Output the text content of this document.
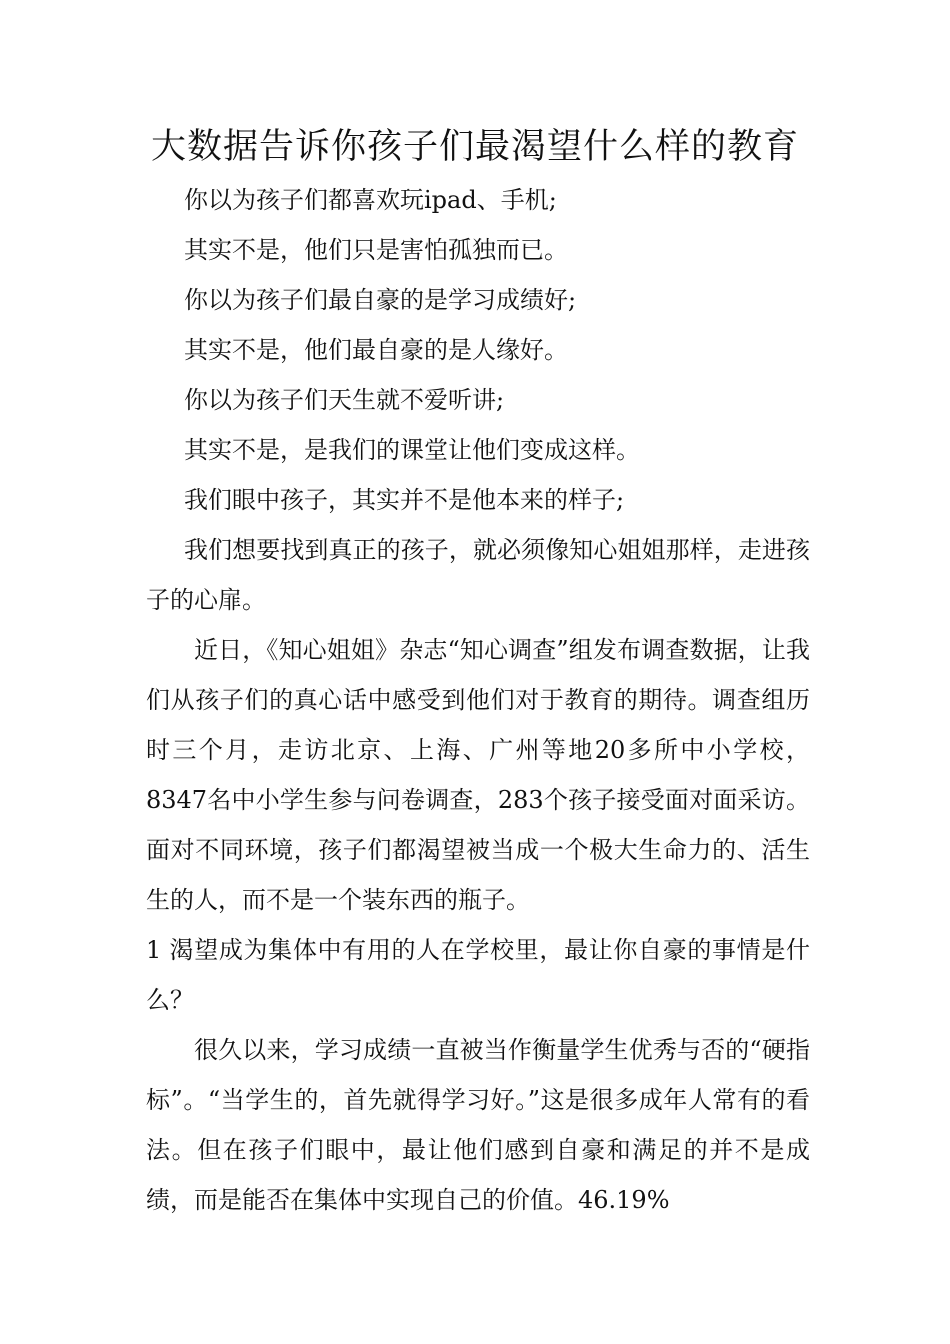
大数据告诉你孩子们最渴望什么样的教育

你以为孩子们都喜欢玩ipad、手机;

其实不是，他们只是害怕孤独而已。

你以为孩子们最自豪的是学习成绩好;

其实不是，他们最自豪的是人缘好。

你以为孩子们天生就不爱听讲;

其实不是，是我们的课堂让他们变成这样。

我们眼中孩子，其实并不是他本来的样子;

我们想要找到真正的孩子，就必须像知心姐姐那样，走进孩子的心扉。

近日，《知心姐姐》杂志“知心调查”组发布调查数据，让我们从孩子们的真心话中感受到他们对于教育的期待。调查组历时三个月，走访北京、上海、广州等地20多所中小学校，8347名中小学生参与问卷调查，283个孩子接受面对面采访。面对不同环境，孩子们都渴望被当成一个极大生命力的、活生生的人，而不是一个装东西的瓶子。

1 渴望成为集体中有用的人在学校里，最让你自豪的事情是什么？

很久以来，学习成绩一直被当作衡量学生优秀与否的“硬指标”。“当学生的，首先就得学习好。”这是很多成年人常有的看法。但在孩子们眼中，最让他们感到自豪和满足的并不是成绩，而是能否在集体中实现自己的价值。46.19%
